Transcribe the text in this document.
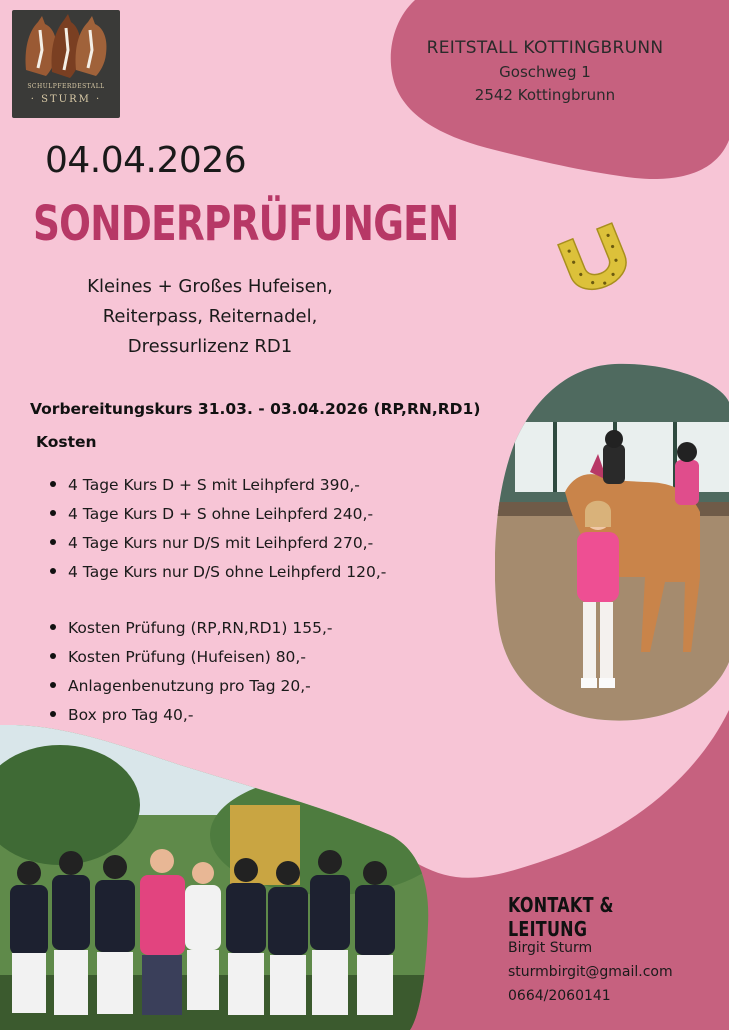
SCHULPFERDESTALL
· STURM ·
REITSTALL KOTTINGBRUNN
Goschweg 1
2542 Kottingbrunn
04.04.2026
SONDERPRÜFUNGEN
Kleines + Großes Hufeisen,
Reiterpass, Reiternadel,
Dressurlizenz RD1
Vorbereitungskurs 31.03. - 03.04.2026 (RP,RN,RD1)
Kosten
4 Tage Kurs D + S mit Leihpferd 390,-
4 Tage Kurs D + S ohne Leihpferd 240,-
4 Tage Kurs nur D/S mit Leihpferd 270,-
4 Tage Kurs nur D/S ohne Leihpferd 120,-
Kosten Prüfung (RP,RN,RD1) 155,-
Kosten Prüfung (Hufeisen) 80,-
Anlagenbenutzung pro Tag 20,-
Box pro Tag 40,-
KONTAKT & LEITUNG
Birgit Sturm
sturmbirgit@gmail.com
0664/2060141
